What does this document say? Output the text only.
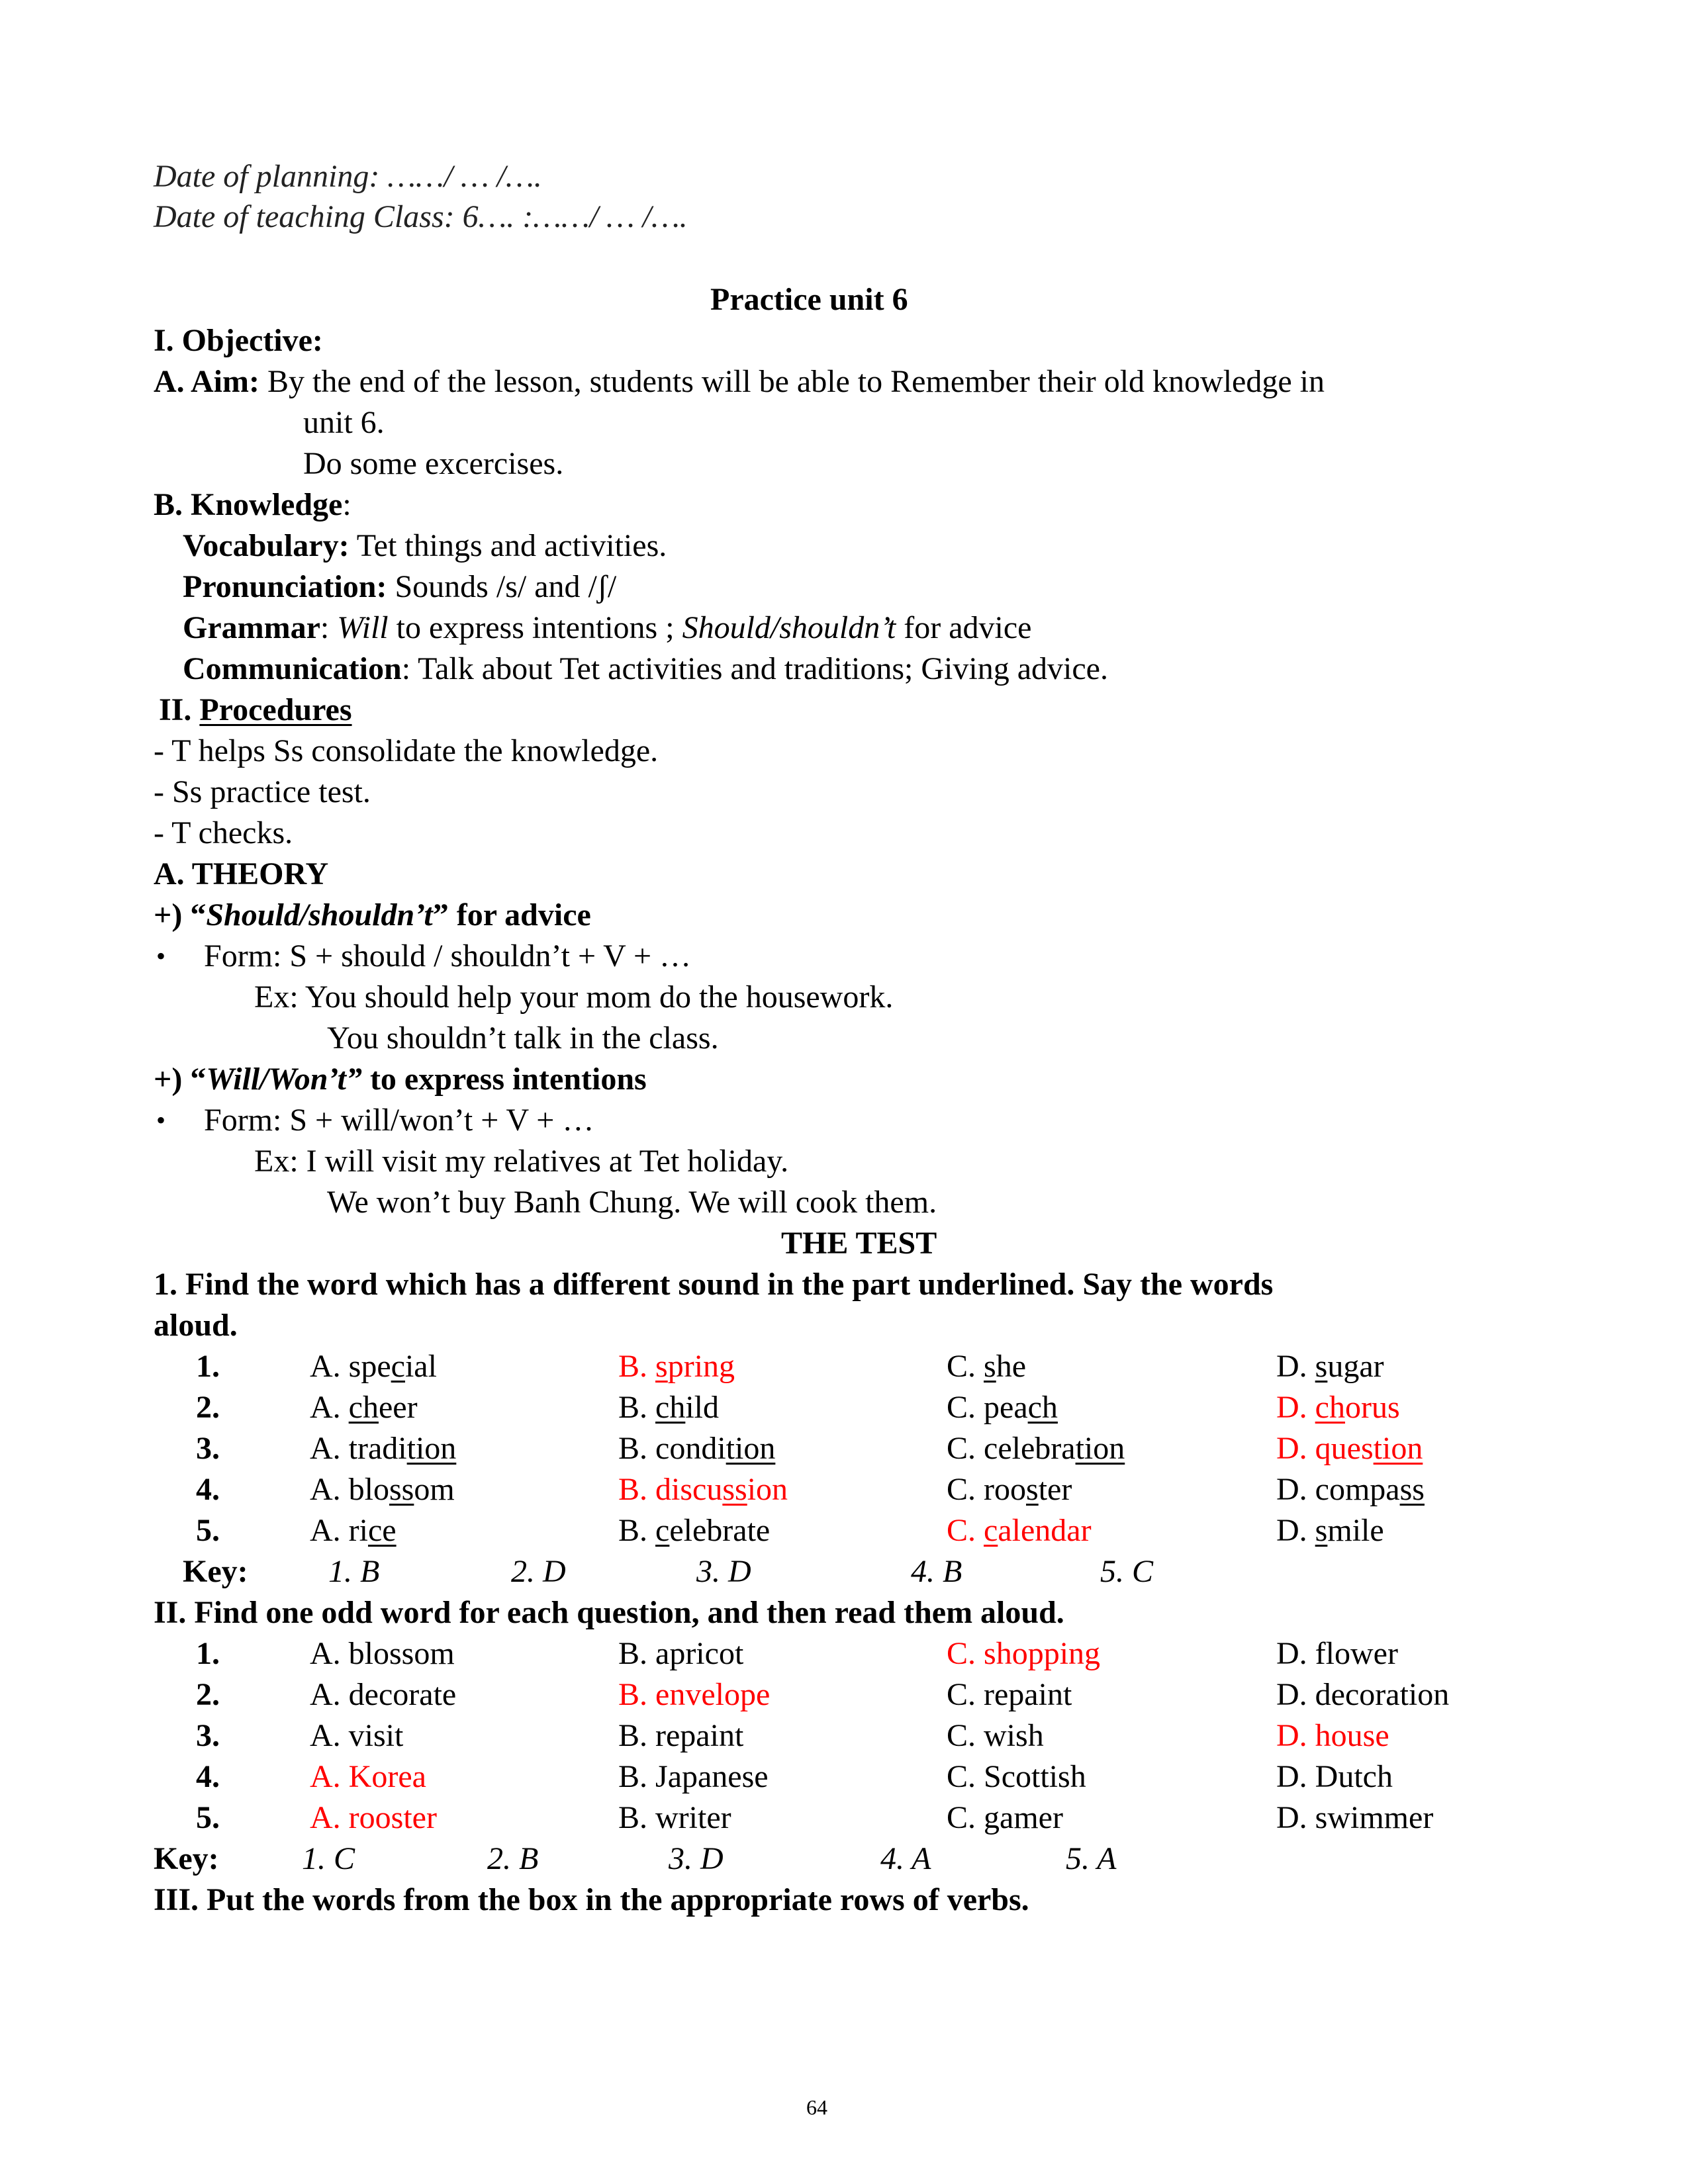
Date of planning: ……/ … /….
Date of teaching Class: 6…. :……/ … /….
Practice unit 6
I. Objective:
A. Aim: By the end of the lesson, students will be able to Remember their old knowledge in
unit 6.
Do some excercises.
B. Knowledge:
Vocabulary: Tet things and activities.
Pronunciation: Sounds /s/ and /ʃ/
Grammar: Will to express intentions ; Should/shouldn’t for advice
Communication: Talk about Tet activities and traditions; Giving advice.
II. Procedures
- T helps Ss consolidate the knowledge.
- Ss practice test.
- T checks.
A. THEORY
+) “Should/shouldn’t” for advice
• Form: S + should / shouldn’t + V + …
Ex: You should help your mom do the housework.
You shouldn’t talk in the class.
+) “Will/Won’t” to express intentions
• Form: S + will/won’t + V + …
Ex: I will visit my relatives at Tet holiday.
We won’t buy Banh Chung. We will cook them.
THE TEST
1. Find the word which has a different sound in the part underlined. Say the words
aloud.
1.	A. special	B. spring	C. she	D. sugar
2.	A. cheer	B. child	C. peach	D. chorus
3.	A. tradition	B. condition	C. celebration	D. question
4.	A. blossom	B. discussion	C. rooster	D. compass
5.	A. rice	B. celebrate	C. calendar	D. smile
Key:	1. B	2. D	3. D	4. B	5. C
II. Find one odd word for each question, and then read them aloud.
1.	A. blossom	B. apricot	C. shopping	D. flower
2.	A. decorate	B. envelope	C. repaint	D. decoration
3.	A. visit	B. repaint	C. wish	D. house
4.	A. Korea	B. Japanese	C. Scottish	D. Dutch
5.	A. rooster	B. writer	C. gamer	D. swimmer
Key:	1. C	2. B	3. D	4. A	5. A
III. Put the words from the box in the appropriate rows of verbs.
64
